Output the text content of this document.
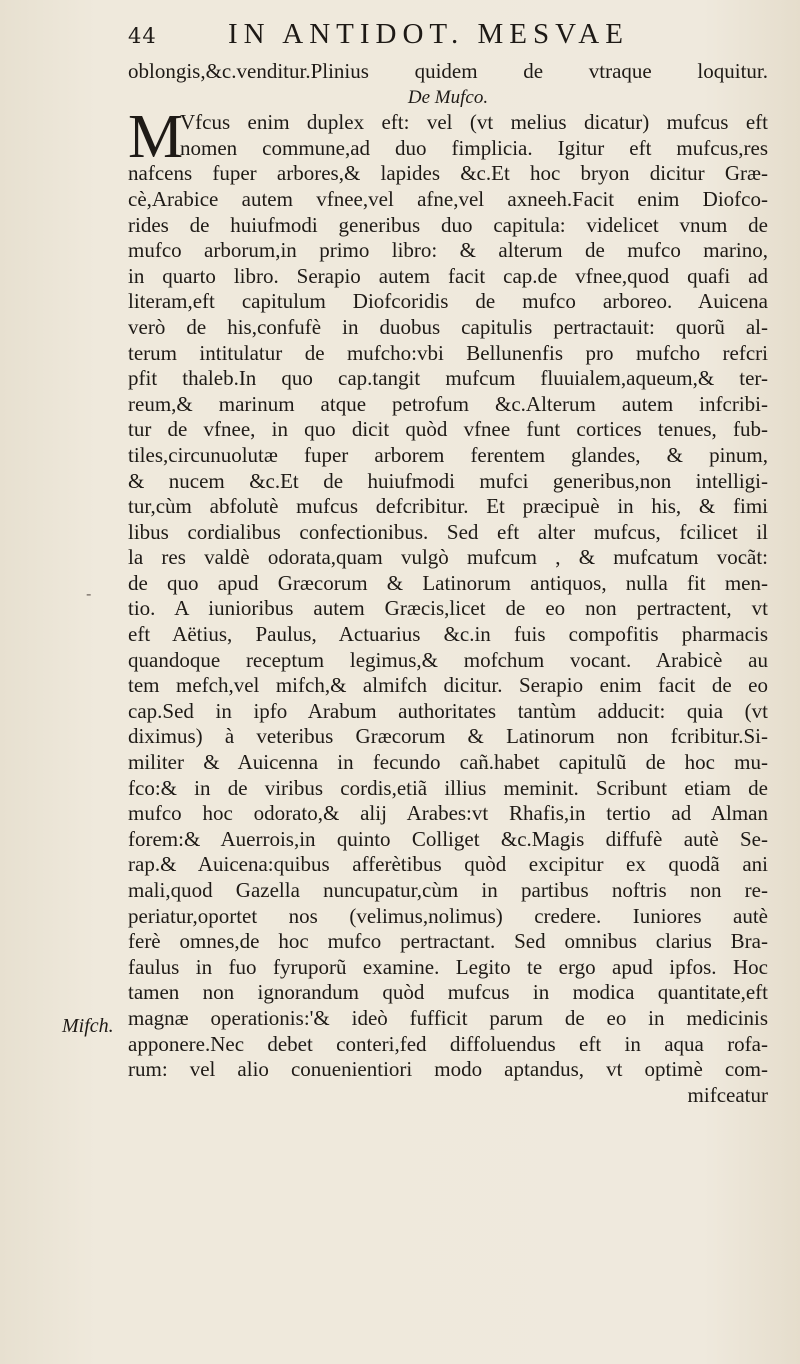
44 IN ANTIDOT. MESVAE
-
Mifch.
oblongis,&c.venditur.Plinius quidem de vtraque loquitur.
De Mufco.
M
Vfcus enim duplex eft: vel (vt melius dicatur) mufcus eft
nomen commune,ad duo fimplicia. Igitur eft mufcus,res
nafcens fuper arbores,& lapides &c.Et hoc bryon dicitur Græ-
cè,Arabice autem vfnee,vel afne,vel axneeh.Facit enim Diofco-
rides de huiufmodi generibus duo capitula: videlicet vnum de
mufco arborum,in primo libro: & alterum de mufco marino,
in quarto libro. Serapio autem facit cap.de vfnee,quod quafi ad
literam,eft capitulum Diofcoridis de mufco arboreo. Auicena
verò de his,confufè in duobus capitulis pertractauit: quorũ al-
terum intitulatur de mufcho:vbi Bellunenfis pro mufcho refcri
pfit thaleb.In quo cap.tangit mufcum fluuialem,aqueum,& ter-
reum,& marinum atque petrofum &c.Alterum autem infcribi-
tur de vfnee, in quo dicit quòd vfnee funt cortices tenues, fub-
tiles,circunuolutæ fuper arborem ferentem glandes, & pinum,
& nucem &c.Et de huiufmodi mufci generibus,non intelligi-
tur,cùm abfolutè mufcus defcribitur. Et præcipuè in his, & fimi
libus cordialibus confectionibus. Sed eft alter mufcus, fcilicet il
la res valdè odorata,quam vulgò mufcum , & mufcatum vocãt:
de quo apud Græcorum & Latinorum antiquos, nulla fit men-
tio. A iunioribus autem Græcis,licet de eo non pertractent, vt
eft Aëtius, Paulus, Actuarius &c.in fuis compofitis pharmacis
quandoque receptum legimus,& mofchum vocant. Arabicè au
tem mefch,vel mifch,& almifch dicitur. Serapio enim facit de eo
cap.Sed in ipfo Arabum authoritates tantùm adducit: quia (vt
diximus) à veteribus Græcorum & Latinorum non fcribitur.Si-
militer & Auicenna in fecundo cañ.habet capitulũ de hoc mu-
fco:& in de viribus cordis,etiã illius meminit. Scribunt etiam de
mufco hoc odorato,& alij Arabes:vt Rhafis,in tertio ad Alman
forem:& Auerrois,in quinto Colliget &c.Magis diffufè autè Se-
rap.& Auicena:quibus afferètibus quòd excipitur ex quodã ani
mali,quod Gazella nuncupatur,cùm in partibus noftris non re-
periatur,oportet nos (velimus,nolimus) credere. Iuniores autè
ferè omnes,de hoc mufco pertractant. Sed omnibus clarius Bra-
faulus in fuo fyruporũ examine. Legito te ergo apud ipfos. Hoc
tamen non ignorandum quòd mufcus in modica quantitate,eft
magnæ operationis:'& ideò fufficit parum de eo in medicinis
apponere.Nec debet conteri,fed diffoluendus eft in aqua rofa-
rum: vel alio conuenientiori modo aptandus, vt optimè com-
mifceatur
